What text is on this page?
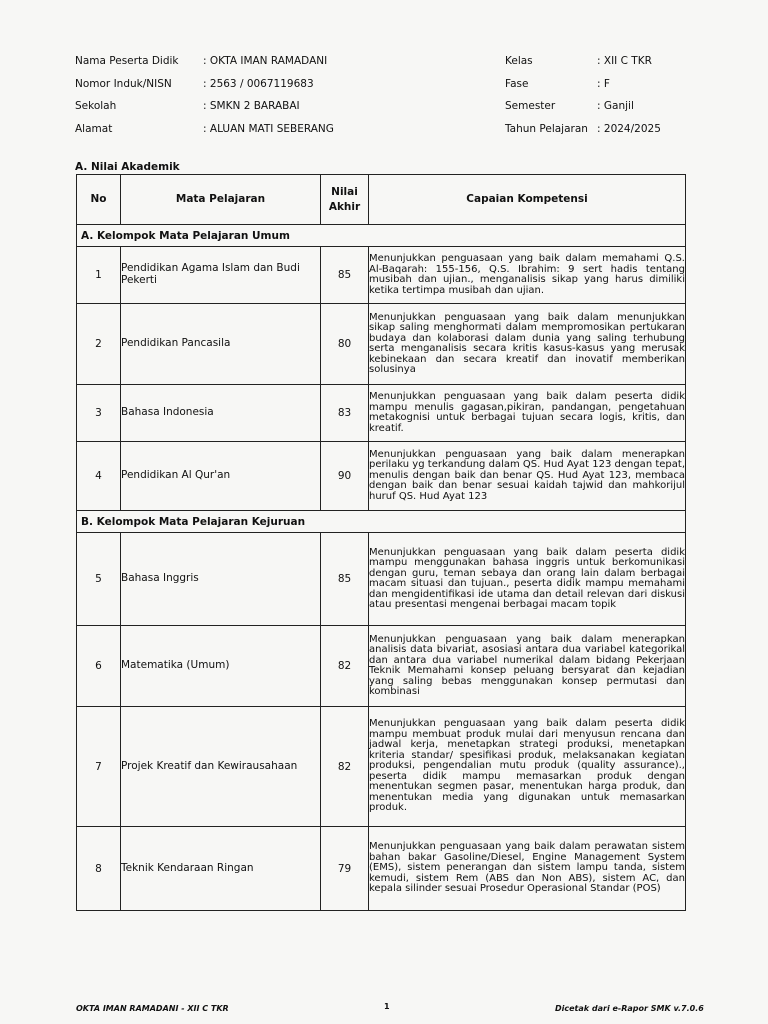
Nama Peserta Didik	: OKTA IMAN RAMADANI
Nomor Induk/NISN	: 2563 / 0067119683
Sekolah	: SMKN 2 BARABAI
Alamat	: ALUAN MATI SEBERANG
Kelas	: XII C TKR
Fase	: F
Semester	: Ganjil
Tahun Pelajaran : 2024/2025
A. Nilai Akademik
No	Mata Pelajaran	Nilai Akhir	Capaian Kompetensi
A. Kelompok Mata Pelajaran Umum			
1	Pendidikan Agama Islam dan Budi Pekerti	85	Menunjukkan penguasaan yang baik dalam memahami Q.S. Al-Baqarah: 155-156, Q.S. Ibrahim: 9 sert hadis tentang musibah dan ujian., menganalisis sikap yang harus dimiliki ketika tertimpa musibah dan ujian.
2	Pendidikan Pancasila	80	Menunjukkan penguasaan yang baik dalam menunjukkan sikap saling menghormati dalam mempromosikan pertukaran budaya dan kolaborasi dalam dunia yang saling terhubung serta menganalisis secara kritis kasus-kasus yang merusak kebinekaan dan secara kreatif dan inovatif memberikan solusinya
3	Bahasa Indonesia	83	Menunjukkan penguasaan yang baik dalam peserta didik mampu menulis gagasan,pikiran, pandangan, pengetahuan metakognisi untuk berbagai tujuan secara logis, kritis, dan kreatif.
4	Pendidikan Al Qur'an	90	Menunjukkan penguasaan yang baik dalam menerapkan perilaku yg terkandung dalam QS. Hud Ayat 123 dengan tepat, menulis dengan baik dan benar QS. Hud Ayat 123, membaca dengan baik dan benar sesuai kaidah tajwid dan mahkorijul huruf QS. Hud Ayat 123
B. Kelompok Mata Pelajaran Kejuruan			
5	Bahasa Inggris	85	Menunjukkan penguasaan yang baik dalam peserta didik mampu menggunakan bahasa inggris untuk berkomunikasi dengan guru, teman sebaya dan orang lain dalam berbagai macam situasi dan tujuan., peserta didik mampu memahami dan mengidentifikasi ide utama dan detail relevan dari diskusi atau presentasi mengenai berbagai macam topik
6	Matematika (Umum)	82	Menunjukkan penguasaan yang baik dalam menerapkan analisis data bivariat, asosiasi antara dua variabel kategorikal dan antara dua variabel numerikal dalam bidang Pekerjaan Teknik Memahami konsep peluang bersyarat dan kejadian yang saling bebas menggunakan konsep permutasi dan kombinasi
7	Projek Kreatif dan Kewirausahaan	82	Menunjukkan penguasaan yang baik dalam peserta didik mampu membuat produk mulai dari menyusun rencana dan jadwal kerja, menetapkan strategi produksi, menetapkan kriteria standar/ spesifikasi produk, melaksanakan kegiatan produksi, pengendalian mutu produk (quality assurance)., peserta didik mampu memasarkan produk dengan menentukan segmen pasar, menentukan harga produk, dan menentukan media yang digunakan untuk memasarkan produk.
8	Teknik Kendaraan Ringan	79	Menunjukkan penguasaan yang baik dalam perawatan sistem bahan bakar Gasoline/Diesel, Engine Management System (EMS), sistem penerangan dan sistem lampu tanda, sistem kemudi, sistem Rem (ABS dan Non ABS), sistem AC, dan kepala silinder sesuai Prosedur Operasional Standar (POS)
OKTA IMAN RAMADANI - XII C TKR	1	Dicetak dari e-Rapor SMK v.7.0.6
